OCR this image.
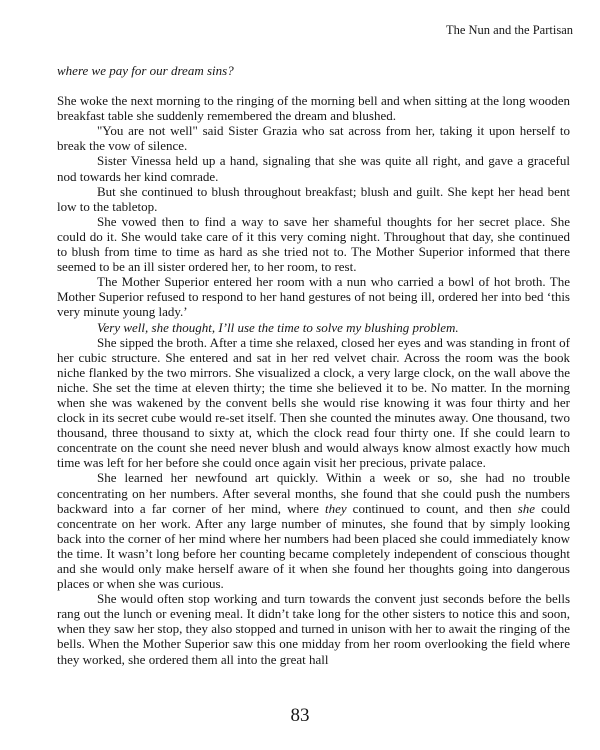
The Nun and the Partisan

where we pay for our dream sins?

She woke the next morning to the ringing of the morning bell and when sitting at the long wooden breakfast table she suddenly remembered the dream and blushed.

"You are not well" said Sister Grazia who sat across from her, taking it upon herself to break the vow of silence.

Sister Vinessa held up a hand, signaling that she was quite all right, and gave a graceful nod towards her kind comrade.

But she continued to blush throughout breakfast; blush and guilt. She kept her head bent low to the tabletop.

She vowed then to find a way to save her shameful thoughts for her secret place. She could do it. She would take care of it this very coming night. Throughout that day, she continued to blush from time to time as hard as she tried not to. The Mother Superior informed that there seemed to be an ill sister ordered her, to her room, to rest.

The Mother Superior entered her room with a nun who carried a bowl of hot broth. The Mother Superior refused to respond to her hand gestures of not being ill, ordered her into bed ‘this very minute young lady.’

Very well, she thought, I’ll use the time to solve my blushing problem.

She sipped the broth. After a time she relaxed, closed her eyes and was standing in front of her cubic structure. She entered and sat in her red velvet chair. Across the room was the book niche flanked by the two mirrors. She visualized a clock, a very large clock, on the wall above the niche. She set the time at eleven thirty; the time she believed it to be. No matter. In the morning when she was wakened by the convent bells she would rise knowing it was four thirty and her clock in its secret cube would re-set itself. Then she counted the minutes away. One thousand, two thousand, three thousand to sixty at, which the clock read four thirty one. If she could learn to concentrate on the count she need never blush and would always know almost exactly how much time was left for her before she could once again visit her precious, private palace.

She learned her newfound art quickly. Within a week or so, she had no trouble concentrating on her numbers. After several months, she found that she could push the numbers backward into a far corner of her mind, where they continued to count, and then she could concentrate on her work. After any large number of minutes, she found that by simply looking back into the corner of her mind where her numbers had been placed she could immediately know the time. It wasn’t long before her counting became completely independent of conscious thought and she would only make herself aware of it when she found her thoughts going into dangerous places or when she was curious.

She would often stop working and turn towards the convent just seconds before the bells rang out the lunch or evening meal. It didn’t take long for the other sisters to notice this and soon, when they saw her stop, they also stopped and turned in unison with her to await the ringing of the bells. When the Mother Superior saw this one midday from her room overlooking the field where they worked, she ordered them all into the great hall

83
